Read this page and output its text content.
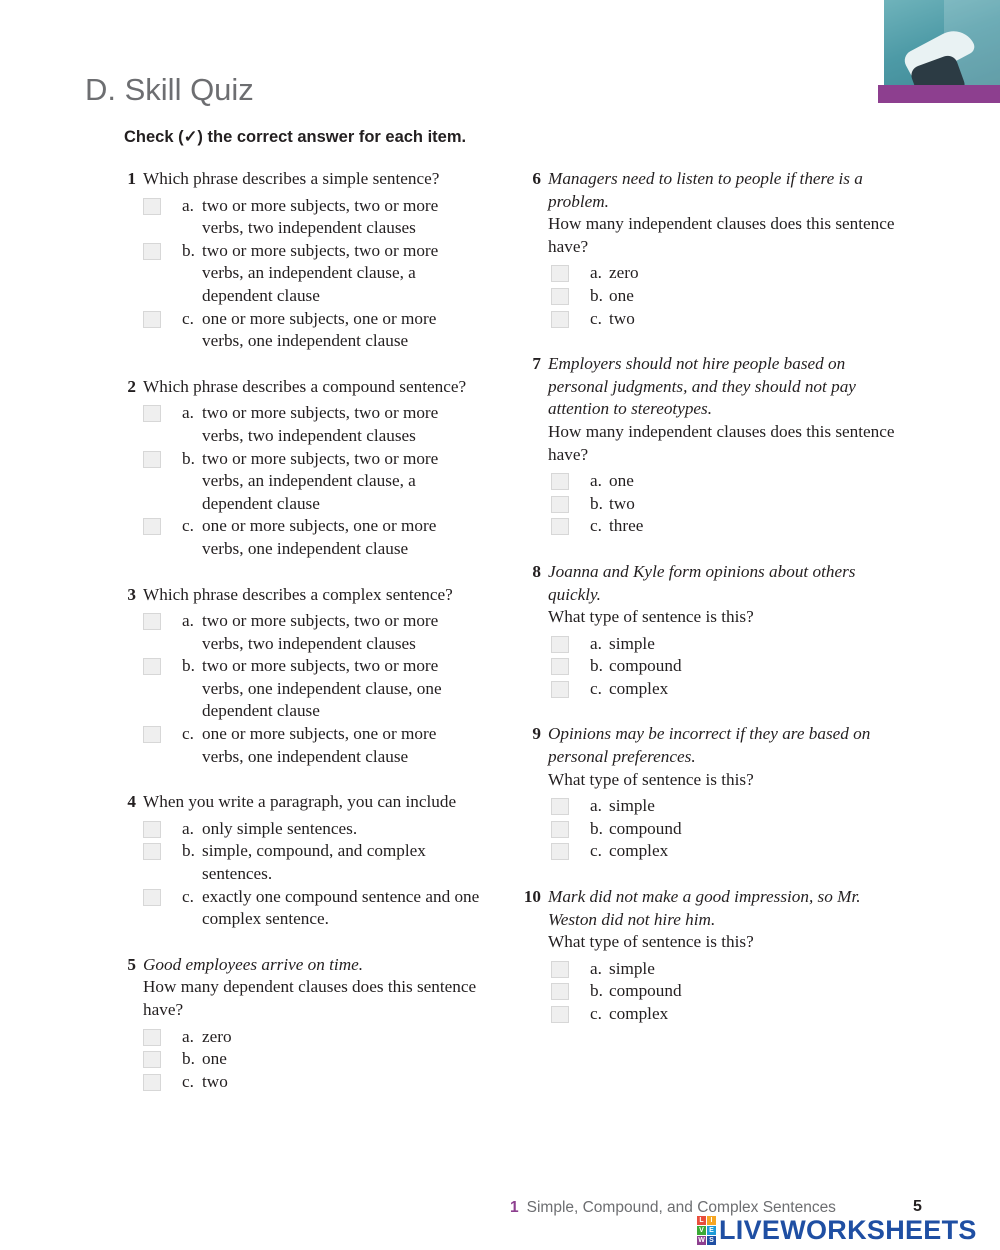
D. Skill Quiz

Check (✓) the correct answer for each item.

1 Which phrase describes a simple sentence?
a. two or more subjects, two or more verbs, two independent clauses
b. two or more subjects, two or more verbs, an independent clause, a dependent clause
c. one or more subjects, one or more verbs, one independent clause
2 Which phrase describes a compound sentence?
a. two or more subjects, two or more verbs, two independent clauses
b. two or more subjects, two or more verbs, an independent clause, a dependent clause
c. one or more subjects, one or more verbs, one independent clause
3 Which phrase describes a complex sentence?
a. two or more subjects, two or more verbs, two independent clauses
b. two or more subjects, two or more verbs, one independent clause, one dependent clause
c. one or more subjects, one or more verbs, one independent clause
4 When you write a paragraph, you can include
a. only simple sentences.
b. simple, compound, and complex sentences.
c. exactly one compound sentence and one complex sentence.
5 Good employees arrive on time.
How many dependent clauses does this sentence have?
a. zero
b. one
c. two
6 Managers need to listen to people if there is a problem.
How many independent clauses does this sentence have?
a. zero
b. one
c. two
7 Employers should not hire people based on personal judgments, and they should not pay attention to stereotypes.
How many independent clauses does this sentence have?
a. one
b. two
c. three
8 Joanna and Kyle form opinions about others quickly.
What type of sentence is this?
a. simple
b. compound
c. complex
9 Opinions may be incorrect if they are based on personal preferences.
What type of sentence is this?
a. simple
b. compound
c. complex
10 Mark did not make a good impression, so Mr. Weston did not hire him.
What type of sentence is this?
a. simple
b. compound
c. complex
1 Simple, Compound, and Complex Sentences	5
L I
V E
W S LIVEWORKSHEETS
